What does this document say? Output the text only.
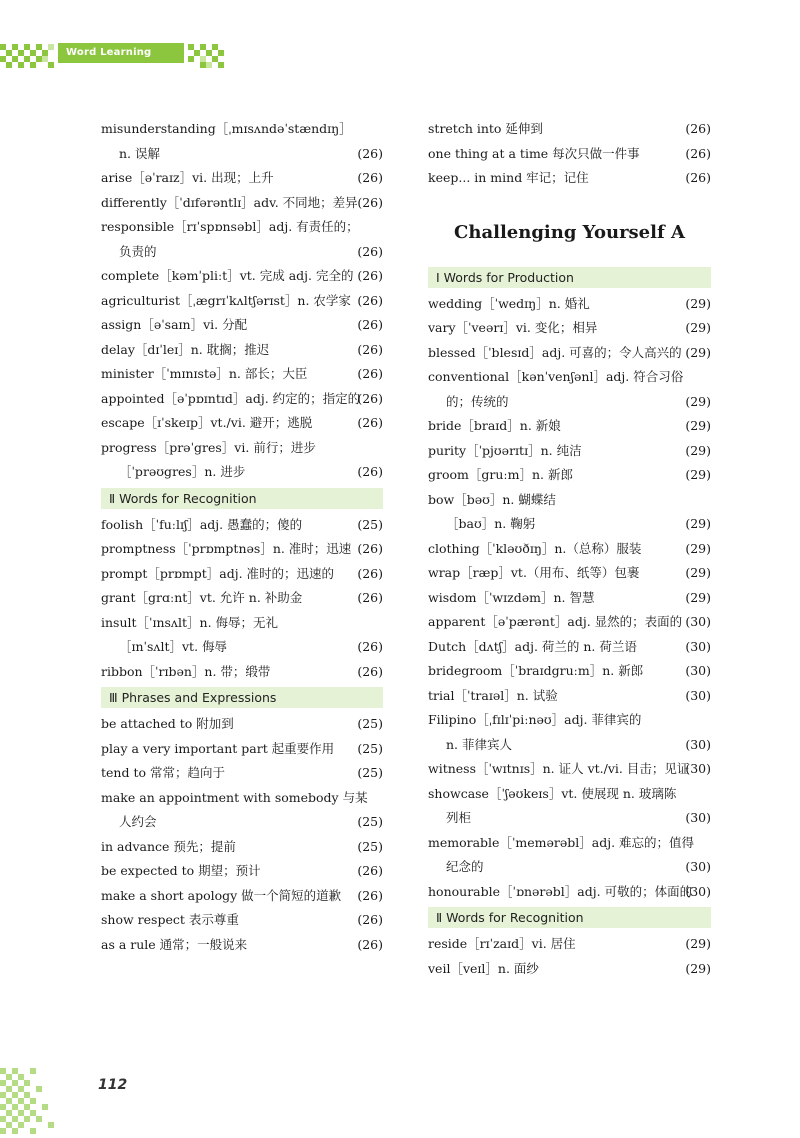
Word Learning Booster
112
misunderstanding［ˌmɪsʌndəˈstændɪŋ］
n. 误解	(26)
arise［əˈraɪz］vi. 出现；上升	(26)
differently［ˈdɪfərəntlɪ］adv. 不同地；差异 (26)
responsible［rɪˈspɒnsəbl］adj. 有责任的；
负责的	(26)
complete［kəmˈpliːt］vt. 完成 adj. 完全的 (26)
agriculturist［ˌægrɪˈkʌltʃərɪst］n. 农学家 (26)
assign［əˈsaɪn］vi. 分配	(26)
delay［dɪˈleɪ］n. 耽搁；推迟	(26)
minister［ˈmɪnɪstə］n. 部长；大臣	(26)
appointed［əˈpɒɪntɪd］adj. 约定的；指定的
(26)
escape［ɪˈskeɪp］vt./vi. 避开；逃脱	(26)
progress［prəˈgres］vi. 前行；进步
［ˈprəʊgres］n. 进步	(26)
Ⅱ Words for Recognition
foolish［ˈfuːlɪʃ］adj. 愚蠢的；傻的	(25)
promptness［ˈprɒmptnəs］n. 准时；迅速 (26)
prompt［prɒmpt］adj. 准时的；迅速的 (26)
grant［grɑːnt］vt. 允许 n. 补助金	(26)
insult［ˈɪnsʌlt］n. 侮辱；无礼
［ɪnˈsʌlt］vt. 侮辱	(26)
ribbon［ˈrɪbən］n. 带；缎带	(26)
Ⅲ Phrases and Expressions
be attached to 附加到	(25)
play a very important part 起重要作用 (25)
tend to 常常；趋向于	(25)
make an appointment with somebody 与某
人约会	(25)
in advance 预先；提前	(25)
be expected to 期望；预计	(26)
make a short apology 做一个简短的道歉 (26)
show respect 表示尊重	(26)
as a rule 通常；一般说来	(26)
stretch into 延伸到	(26)
one thing at a time 每次只做一件事	(26)
keep... in mind 牢记；记住	(26)
Challenging Yourself A
Ⅰ Words for Production
wedding［ˈwedɪŋ］n. 婚礼	(29)
vary［ˈveərɪ］vi. 变化；相异	(29)
blessed［ˈblesɪd］adj. 可喜的；令人高兴的 (29)
conventional［kənˈvenʃənl］adj. 符合习俗
的；传统的	(29)
bride［braɪd］n. 新娘	(29)
purity［ˈpjʊərɪtɪ］n. 纯洁	(29)
groom［gruːm］n. 新郎	(29)
bow［bəʊ］n. 蝴蝶结
［baʊ］n. 鞠躬	(29)
clothing［ˈkləʊðɪŋ］n.（总称）服装	(29)
wrap［ræp］vt.（用布、纸等）包裹	(29)
wisdom［ˈwɪzdəm］n. 智慧	(29)
apparent［əˈpærənt］adj. 显然的；表面的 (30)
Dutch［dʌtʃ］adj. 荷兰的 n. 荷兰语	(30)
bridegroom［ˈbraɪdgruːm］n. 新郎	(30)
trial［ˈtraɪəl］n. 试验	(30)
Filipino［ˌfɪlɪˈpiːnəʊ］adj. 菲律宾的
n. 菲律宾人	(30)
witness［ˈwɪtnɪs］n. 证人 vt./vi. 目击；见证
(30)
showcase［ˈʃəʊkeɪs］vt. 使展现 n. 玻璃陈
列柜	(30)
memorable［ˈmemərəbl］adj. 难忘的；值得
纪念的	(30)
honourable［ˈɒnərəbl］adj. 可敬的；体面的
(30)
Ⅱ Words for Recognition
reside［rɪˈzaɪd］vi. 居住	(29)
veil［veɪl］n. 面纱	(29)
